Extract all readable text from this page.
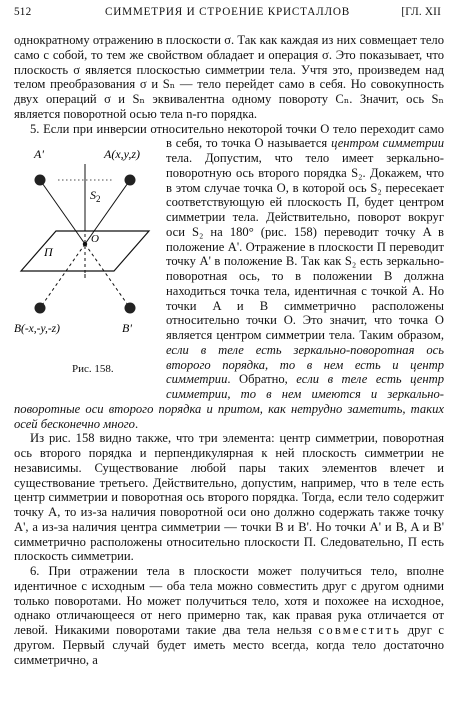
512	СИММЕТРИЯ И СТРОЕНИЕ КРИСТАЛЛОВ	[ГЛ. XII

однократному отражению в плоскости σ. Так как каждая из них совмещает тело само с собой, то тем же свойством обладает и операция σ. Это показывает, что плоскость σ является плоскостью симметрии тела. Учтя это, произведем над телом преобразования σ и Sₙ — тело перейдет само в себя. Но совокупность двух операций σ и Sₙ эквивалентна одному повороту Cₙ. Значит, ось Sₙ является поворотной осью тела n-го порядка.

5. Если при инверсии относительно некоторой точки O тело переходит само в себя, то точка O называется центром симметрии
A'	A(x,y,z)
$S_2$
O
П
B(-x,-y,-z)	B'
Рис. 158.
тела. Допустим, что тело имеет зеркально-поворотную ось второго порядка S₂. Докажем, что в этом случае точка O, в которой ось S₂ пересекает соответствующую ей плоскость П, будет центром симметрии тела. Действительно, поворот вокруг оси S₂ на 180° (рис. 158) переводит точку A в положение A'. Отражение в плоскости П переводит точку A' в положение B. Так как S₂ есть зеркально-поворотная ось, то в положении B должна находиться точка тела, идентичная с точкой A. Но точки A и B симметрично расположены относительно точки O. Это значит, что точка O является центром симметрии тела. Таким образом, если в теле есть зеркально-поворотная ось второго порядка, то в нем есть и центр симметрии. Обратно, если в теле есть центр симметрии, то в нем имеются и зеркально-поворотные оси второго порядка и притом, как нетрудно заметить, таких осей бесконечно много.

Из рис. 158 видно также, что три элемента: центр симметрии, поворотная ось второго порядка и перпендикулярная к ней плоскость симметрии не независимы. Существование любой пары таких элементов влечет и существование третьего. Действительно, допустим, например, что в теле есть центр симметрии и поворотная ось второго порядка. Тогда, если тело содержит точку A, то из-за наличия поворотной оси оно должно содержать также точку A', а из-за наличия центра симметрии — точки B и B'. Но точки A' и B, A и B' симметрично расположены относительно плоскости П. Следовательно, П есть плоскость симметрии.

6. При отражении тела в плоскости может получиться тело, вполне идентичное с исходным — оба тела можно совместить друг с другом одними только поворотами. Но может получиться тело, хотя и похожее на исходное, однако отличающееся от него примерно так, как правая рука отличается от левой. Никакими поворотами такие два тела нельзя совместить друг с другом. Первый случай будет иметь место всегда, когда тело достаточно симметрично, а
